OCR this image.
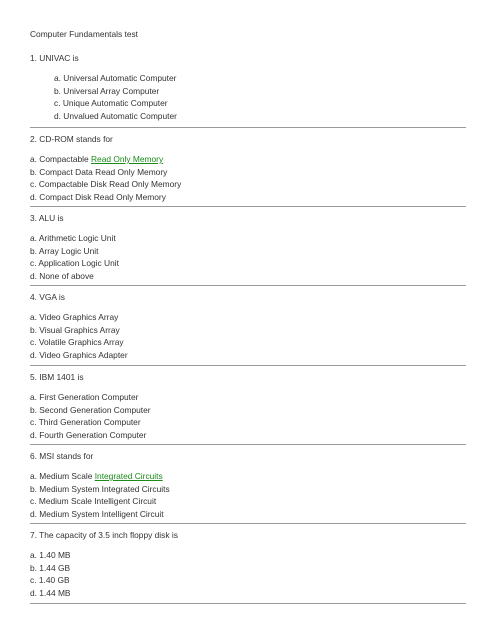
Computer Fundamentals test
1. UNIVAC is
a. Universal Automatic Computer
b. Universal Array Computer
c. Unique Automatic Computer
d. Unvalued Automatic Computer
2. CD-ROM stands for
a. Compactable Read Only Memory
b. Compact Data Read Only Memory
c. Compactable Disk Read Only Memory
d. Compact Disk Read Only Memory
3. ALU is
a. Arithmetic Logic Unit
b. Array Logic Unit
c. Application Logic Unit
d. None of above
4. VGA is
a. Video Graphics Array
b. Visual Graphics Array
c. Volatile Graphics Array
d. Video Graphics Adapter
5. IBM 1401 is
a. First Generation Computer
b. Second Generation Computer
c. Third Generation Computer
d. Fourth Generation Computer
6. MSI stands for
a. Medium Scale Integrated Circuits
b. Medium System Integrated Circuits
c. Medium Scale Intelligent Circuit
d. Medium System Intelligent Circuit
7. The capacity of 3.5 inch floppy disk is
a. 1.40 MB
b. 1.44 GB
c. 1.40 GB
d. 1.44 MB
